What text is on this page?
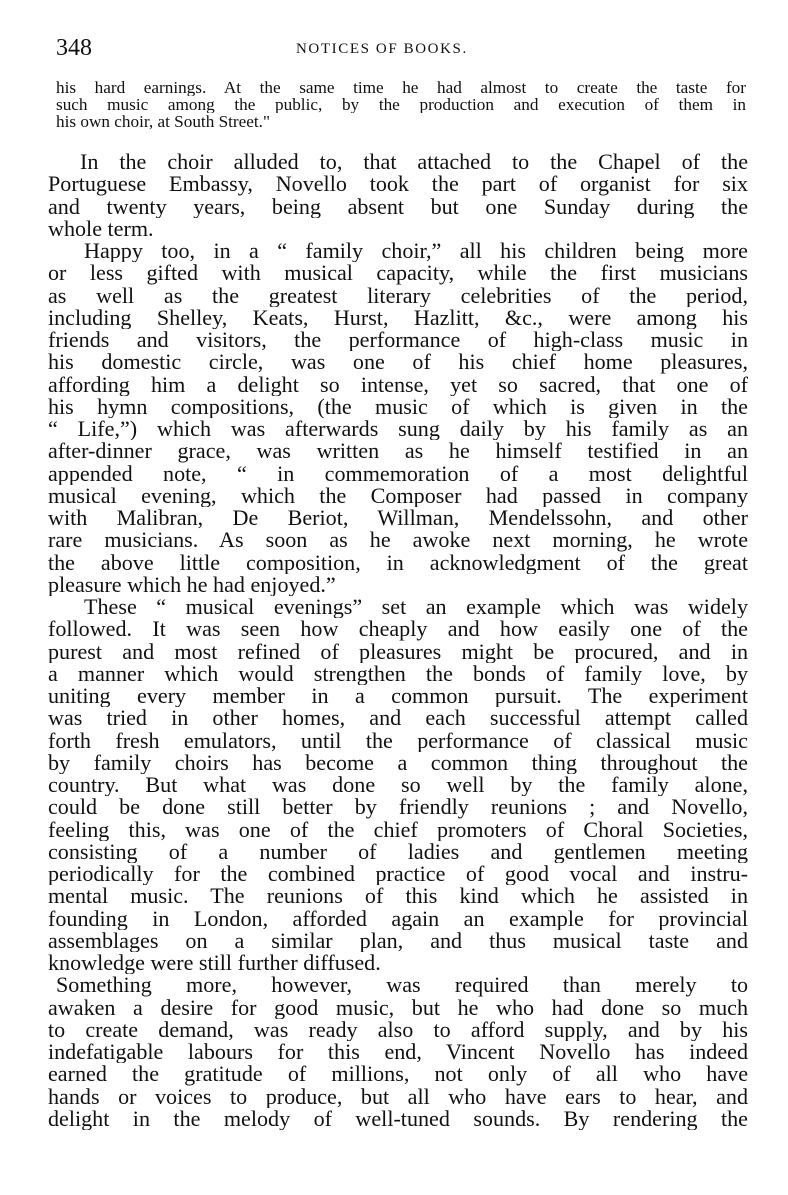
348	NOTICES OF BOOKS.
his hard earnings. At the same time he had almost to create the taste for
such music among the public, by the production and execution of them in
his own choir, at South Street."
In the choir alluded to, that attached to the Chapel of the
Portuguese Embassy, Novello took the part of organist for six
and twenty years, being absent but one Sunday during the
whole term.
Happy too, in a “ family choir,” all his children being more
or less gifted with musical capacity, while the first musicians
as well as the greatest literary celebrities of the period,
including Shelley, Keats, Hurst, Hazlitt, &c., were among his
friends and visitors, the performance of high-class music in
his domestic circle, was one of his chief home pleasures,
affording him a delight so intense, yet so sacred, that one of
his hymn compositions, (the music of which is given in the
“ Life,”) which was afterwards sung daily by his family as an
after-dinner grace, was written as he himself testified in an
appended note, “ in commemoration of a most delightful
musical evening, which the Composer had passed in company
with Malibran, De Beriot, Willman, Mendelssohn, and other
rare musicians. As soon as he awoke next morning, he wrote
the above little composition, in acknowledgment of the great
pleasure which he had enjoyed.”
These “ musical evenings” set an example which was widely
followed. It was seen how cheaply and how easily one of the
purest and most refined of pleasures might be procured, and in
a manner which would strengthen the bonds of family love, by
uniting every member in a common pursuit. The experiment
was tried in other homes, and each successful attempt called
forth fresh emulators, until the performance of classical music
by family choirs has become a common thing throughout the
country. But what was done so well by the family alone,
could be done still better by friendly reunions ; and Novello,
feeling this, was one of the chief promoters of Choral Societies,
consisting of a number of ladies and gentlemen meeting
periodically for the combined practice of good vocal and instru-
mental music. The reunions of this kind which he assisted in
founding in London, afforded again an example for provincial
assemblages on a similar plan, and thus musical taste and
knowledge were still further diffused.
Something more, however, was required than merely to
awaken a desire for good music, but he who had done so much
to create demand, was ready also to afford supply, and by his
indefatigable labours for this end, Vincent Novello has indeed
earned the gratitude of millions, not only of all who have
hands or voices to produce, but all who have ears to hear, and
delight in the melody of well-tuned sounds. By rendering the
